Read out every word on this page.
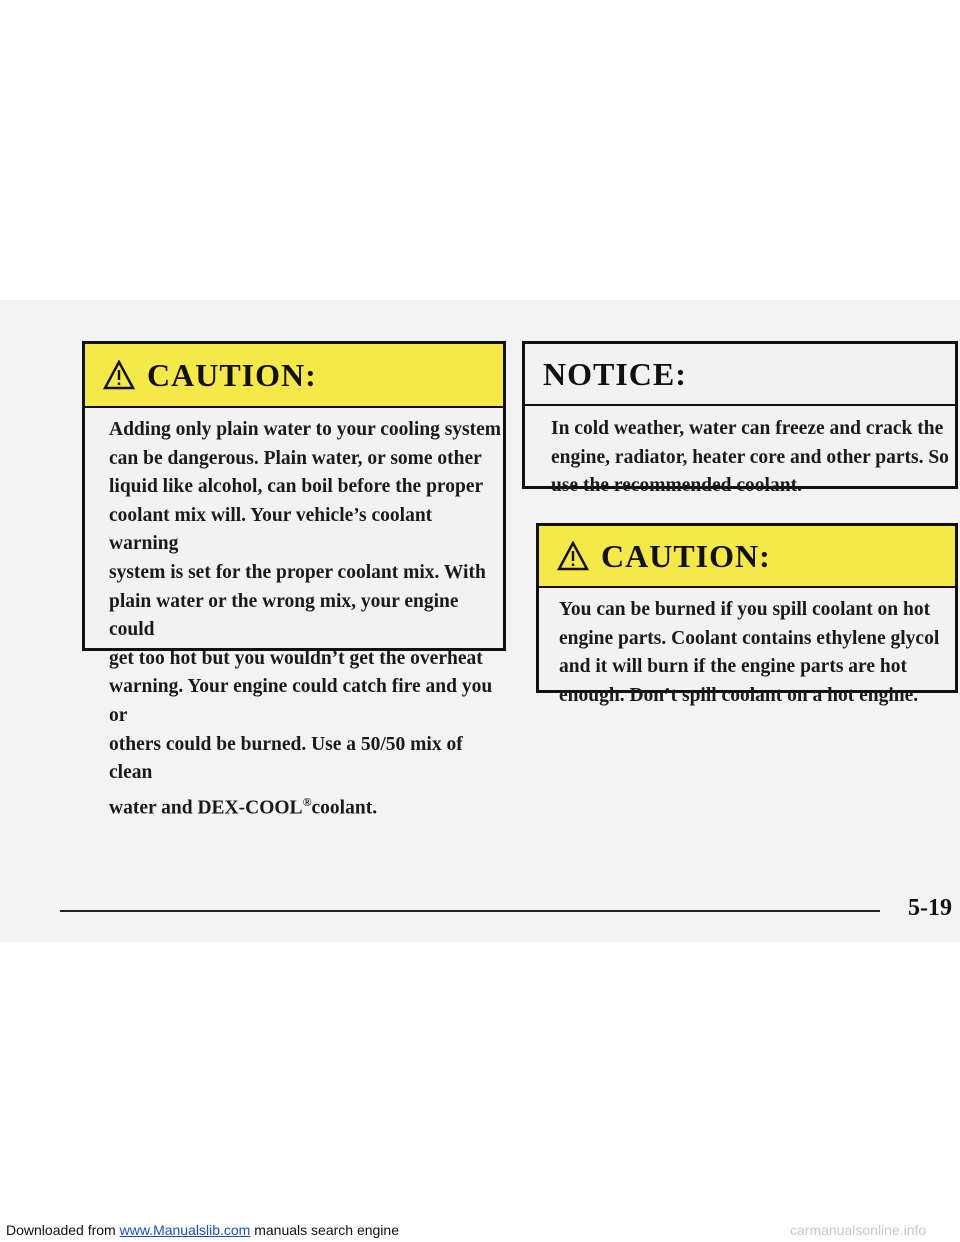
CAUTION:
Adding only plain water to your cooling system
can be dangerous. Plain water, or some other
liquid like alcohol, can boil before the proper
coolant mix will. Your vehicle’s coolant warning
system is set for the proper coolant mix. With
plain water or the wrong mix, your engine could
get too hot but you wouldn’t get the overheat
warning. Your engine could catch fire and you or
others could be burned. Use a 50/50 mix of clean
water and DEX-COOL®coolant.
NOTICE:
In cold weather, water can freeze and crack the
engine, radiator, heater core and other parts. So
use the recommended coolant.
CAUTION:
You can be burned if you spill coolant on hot
engine parts. Coolant contains ethylene glycol
and it will burn if the engine parts are hot
enough. Don’t spill coolant on a hot engine.
5-19
Downloaded from www.Manualslib.com manuals search engine	carmanualsonline.info
